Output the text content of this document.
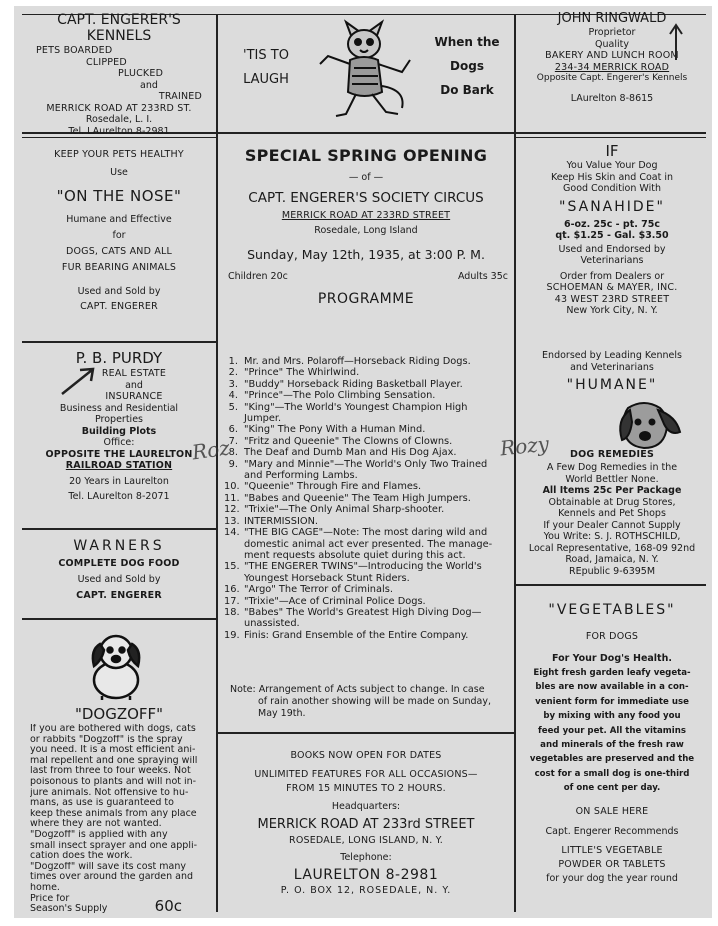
CAPT. ENGERER'S
KENNELS
PETS BOARDED
CLIPPED
PLUCKED
and
TRAINED
MERRICK ROAD AT 233RD ST.
Rosedale, L. I.
Tel. LAurelton 8-2981
'TIS TO
LAUGH
When the
Dogs
Do Bark
JOHN RINGWALD
Proprietor
Quality
BAKERY AND LUNCH ROOM
234-34 MERRICK ROAD
Opposite Capt. Engerer's Kennels
LAurelton 8-8615
KEEP YOUR PETS HEALTHY
Use
"ON THE NOSE"
Humane and Effective
for
DOGS, CATS AND ALL
FUR BEARING ANIMALS
Used and Sold by
CAPT. ENGERER
P. B. PURDY
REAL ESTATE
and
INSURANCE
Business and Residential
Properties
Building Plots
Office:
OPPOSITE THE LAURELTON
RAILROAD STATION
20 Years in Laurelton
Tel. LAurelton 8-2071
WARNERS
COMPLETE DOG FOOD
Used and Sold by
CAPT. ENGERER
"DOGZOFF"
If you are bothered with dogs, cats
or rabbits "Dogzoff" is the spray
you need. It is a most efficient ani-
mal repellent and one spraying will
last from three to four weeks. Not
poisonous to plants and will not in-
jure animals. Not offensive to hu-
mans, as use is guaranteed to
keep these animals from any place
where they are not wanted.
"Dogzoff" is applied with any
small insect sprayer and one appli-
cation does the work.
"Dogzoff" will save its cost many
times over around the garden and
home.
Price for
Season's Supply	60c
SPECIAL SPRING OPENING
— of —
CAPT. ENGERER'S SOCIETY CIRCUS
MERRICK ROAD AT 233RD STREET
Rosedale, Long Island
Sunday, May 12th, 1935, at 3:00 P. M.
Children 20c	Adults 35c
PROGRAMME
1. Mr. and Mrs. Polaroff—Horseback Riding Dogs.
2. "Prince" The Whirlwind.
3. "Buddy" Horseback Riding Basketball Player.
4. "Prince"—The Polo Climbing Sensation.
5. "King"—The World's Youngest Champion High
Jumper.
6. "King" The Pony With a Human Mind.
7. "Fritz and Queenie" The Clowns of Clowns.
8. The Deaf and Dumb Man and His Dog Ajax.
9. "Mary and Minnie"—The World's Only Two Trained
and Performing Lambs.
10. "Queenie" Through Fire and Flames.
11. "Babes and Queenie" The Team High Jumpers.
12. "Trixie"—The Only Animal Sharp-shooter.
13. INTERMISSION.
14. "THE BIG CAGE"—Note: The most daring wild and
domestic animal act ever presented. The manage-
ment requests absolute quiet during this act.
15. "THE ENGERER TWINS"—Introducing the World's
Youngest Horseback Stunt Riders.
16. "Argo" The Terror of Criminals.
17. "Trixie"—Ace of Criminal Police Dogs.
18. "Babes" The World's Greatest High Diving Dog—
unassisted.
19. Finis: Grand Ensemble of the Entire Company.
Note: Arrangement of Acts subject to change. In case
of rain another showing will be made on Sunday,
May 19th.
BOOKS NOW OPEN FOR DATES
UNLIMITED FEATURES FOR ALL OCCASIONS—
FROM 15 MINUTES TO 2 HOURS.
Headquarters:
MERRICK ROAD AT 233rd STREET
ROSEDALE, LONG ISLAND, N. Y.
Telephone:
LAURELTON 8-2981
P. O. BOX 12, ROSEDALE, N. Y.
Roz	Rozy
IF
You Value Your Dog
Keep His Skin and Coat in
Good Condition With
"SANAHIDE"
6-oz. 25c - pt. 75c
qt. $1.25 - Gal. $3.50
Used and Endorsed by
Veterinarians
Order from Dealers or
SCHOEMAN & MAYER, INC.
43 WEST 23RD STREET
New York City, N. Y.
Endorsed by Leading Kennels
and Veterinarians
"HUMANE"
DOG REMEDIES
A Few Dog Remedies in the
World Bettler None.
All Items 25c Per Package
Obtainable at Drug Stores,
Kennels and Pet Shops
If your Dealer Cannot Supply
You Write: S. J. ROTHSCHILD,
Local Representative, 168-09 92nd
Road, Jamaica, N. Y.
REpublic 9-6395M
"VEGETABLES"
FOR DOGS
For Your Dog's Health.
Eight fresh garden leafy vegeta-
bles are now available in a con-
venient form for immediate use
by mixing with any food you
feed your pet. All the vitamins
and minerals of the fresh raw
vegetables are preserved and the
cost for a small dog is one-third
of one cent per day.
ON SALE HERE
Capt. Engerer Recommends
LITTLE'S VEGETABLE
POWDER OR TABLETS
for your dog the year round
